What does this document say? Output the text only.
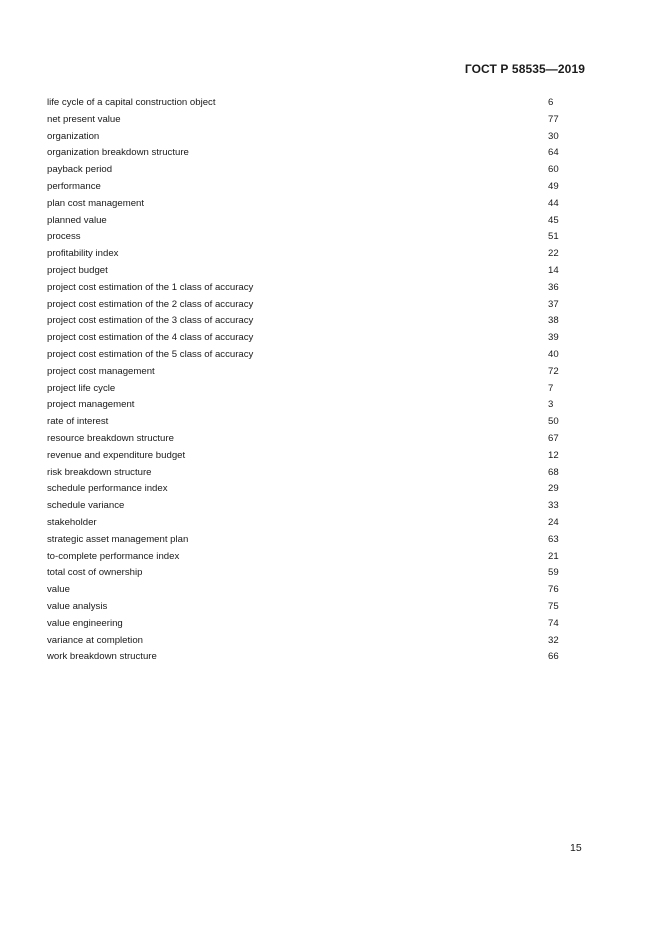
ГОСТ Р 58535—2019
life cycle of a capital construction object	6
net present value	77
organization	30
organization breakdown structure	64
payback period	60
performance	49
plan cost management	44
planned value	45
process	51
profitability index	22
project budget	14
project cost estimation of the 1 class of accuracy	36
project cost estimation of the 2 class of accuracy	37
project cost estimation of the 3 class of accuracy	38
project cost estimation of the 4 class of accuracy	39
project cost estimation of the 5 class of accuracy	40
project cost management	72
project life cycle	7
project management	3
rate of interest	50
resource breakdown structure	67
revenue and expenditure budget	12
risk breakdown structure	68
schedule performance index	29
schedule variance	33
stakeholder	24
strategic asset management plan	63
to-complete performance index	21
total cost of ownership	59
value	76
value analysis	75
value engineering	74
variance at completion	32
work breakdown structure	66
15
